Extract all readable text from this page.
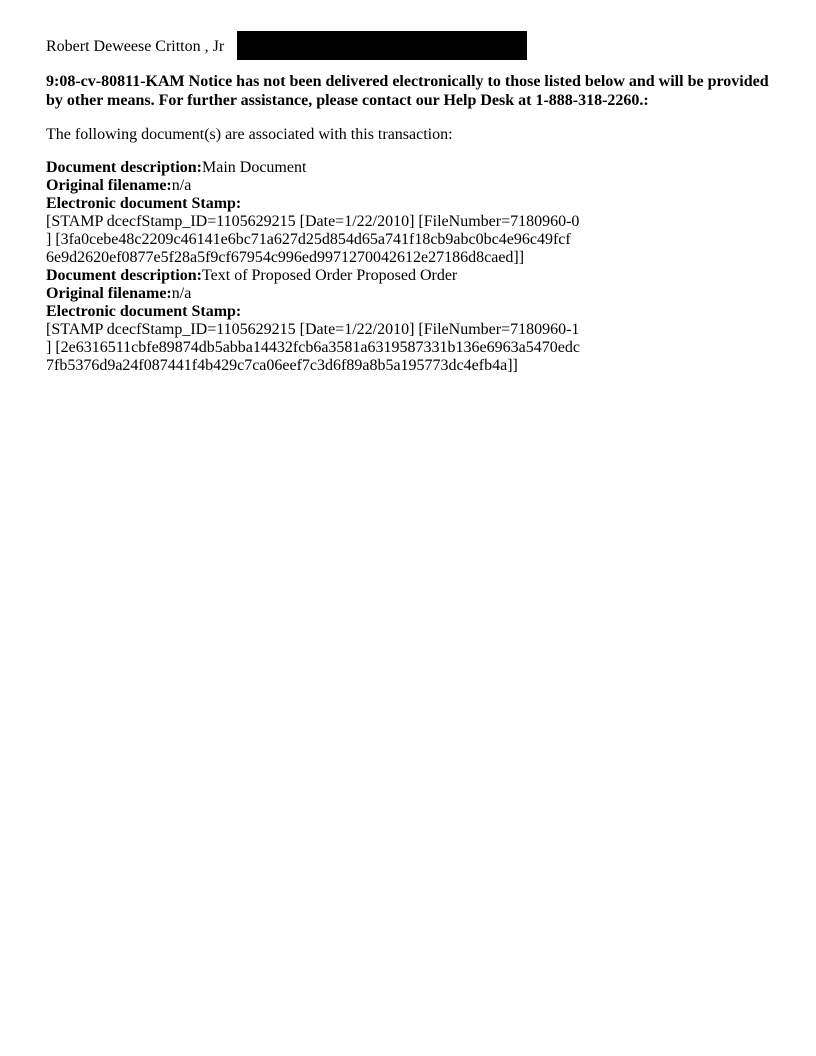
Robert Deweese Critton , Jr
9:08-cv-80811-KAM Notice has not been delivered electronically to those listed below and will be provided by other means. For further assistance, please contact our Help Desk at 1-888-318-2260.:
The following document(s) are associated with this transaction:
Document description:Main Document
Original filename:n/a
Electronic document Stamp:
[STAMP dcecfStamp_ID=1105629215 [Date=1/22/2010] [FileNumber=7180960-0
] [3fa0cebe48c2209c46141e6bc71a627d25d854d65a741f18cb9abc0bc4e96c49fcf
6e9d2620ef0877e5f28a5f9cf67954c996ed9971270042612e27186d8caed]]
Document description:Text of Proposed Order Proposed Order
Original filename:n/a
Electronic document Stamp:
[STAMP dcecfStamp_ID=1105629215 [Date=1/22/2010] [FileNumber=7180960-1
] [2e6316511cbfe89874db5abba14432fcb6a3581a6319587331b136e6963a5470edc
7fb5376d9a24f087441f4b429c7ca06eef7c3d6f89a8b5a195773dc4efb4a]]
